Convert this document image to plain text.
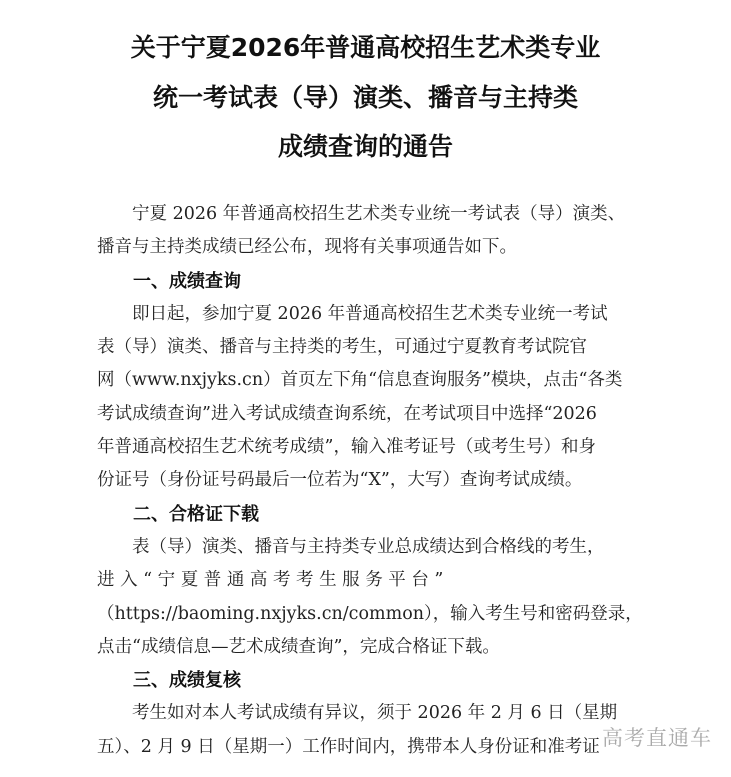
关于宁夏2026年普通高校招生艺术类专业
统一考试表（导）演类、播音与主持类
成绩查询的通告
宁夏 2026 年普通高校招生艺术类专业统一考试表（导）演类、
播音与主持类成绩已经公布，现将有关事项通告如下。
一、成绩查询
即日起，参加宁夏 2026 年普通高校招生艺术类专业统一考试
表（导）演类、播音与主持类的考生，可通过宁夏教育考试院官
网（www.nxjyks.cn）首页左下角“信息查询服务”模块，点击“各类
考试成绩查询”进入考试成绩查询系统，在考试项目中选择“2026
年普通高校招生艺术统考成绩”，输入准考证号（或考生号）和身
份证号（身份证号码最后一位若为“X”，大写）查询考试成绩。
二、合格证下载
表（导）演类、播音与主持类专业总成绩达到合格线的考生，
进 入 “ 宁 夏 普 通 高 考 考 生 服 务 平 台 ”
（https://baoming.nxjyks.cn/common），输入考生号和密码登录，
点击“成绩信息—艺术成绩查询”，完成合格证下载。
三、成绩复核
考生如对本人考试成绩有异议，须于 2026 年 2 月 6 日（星期
五）、2 月 9 日（星期一）工作时间内，携带本人身份证和准考证 高考直通车
